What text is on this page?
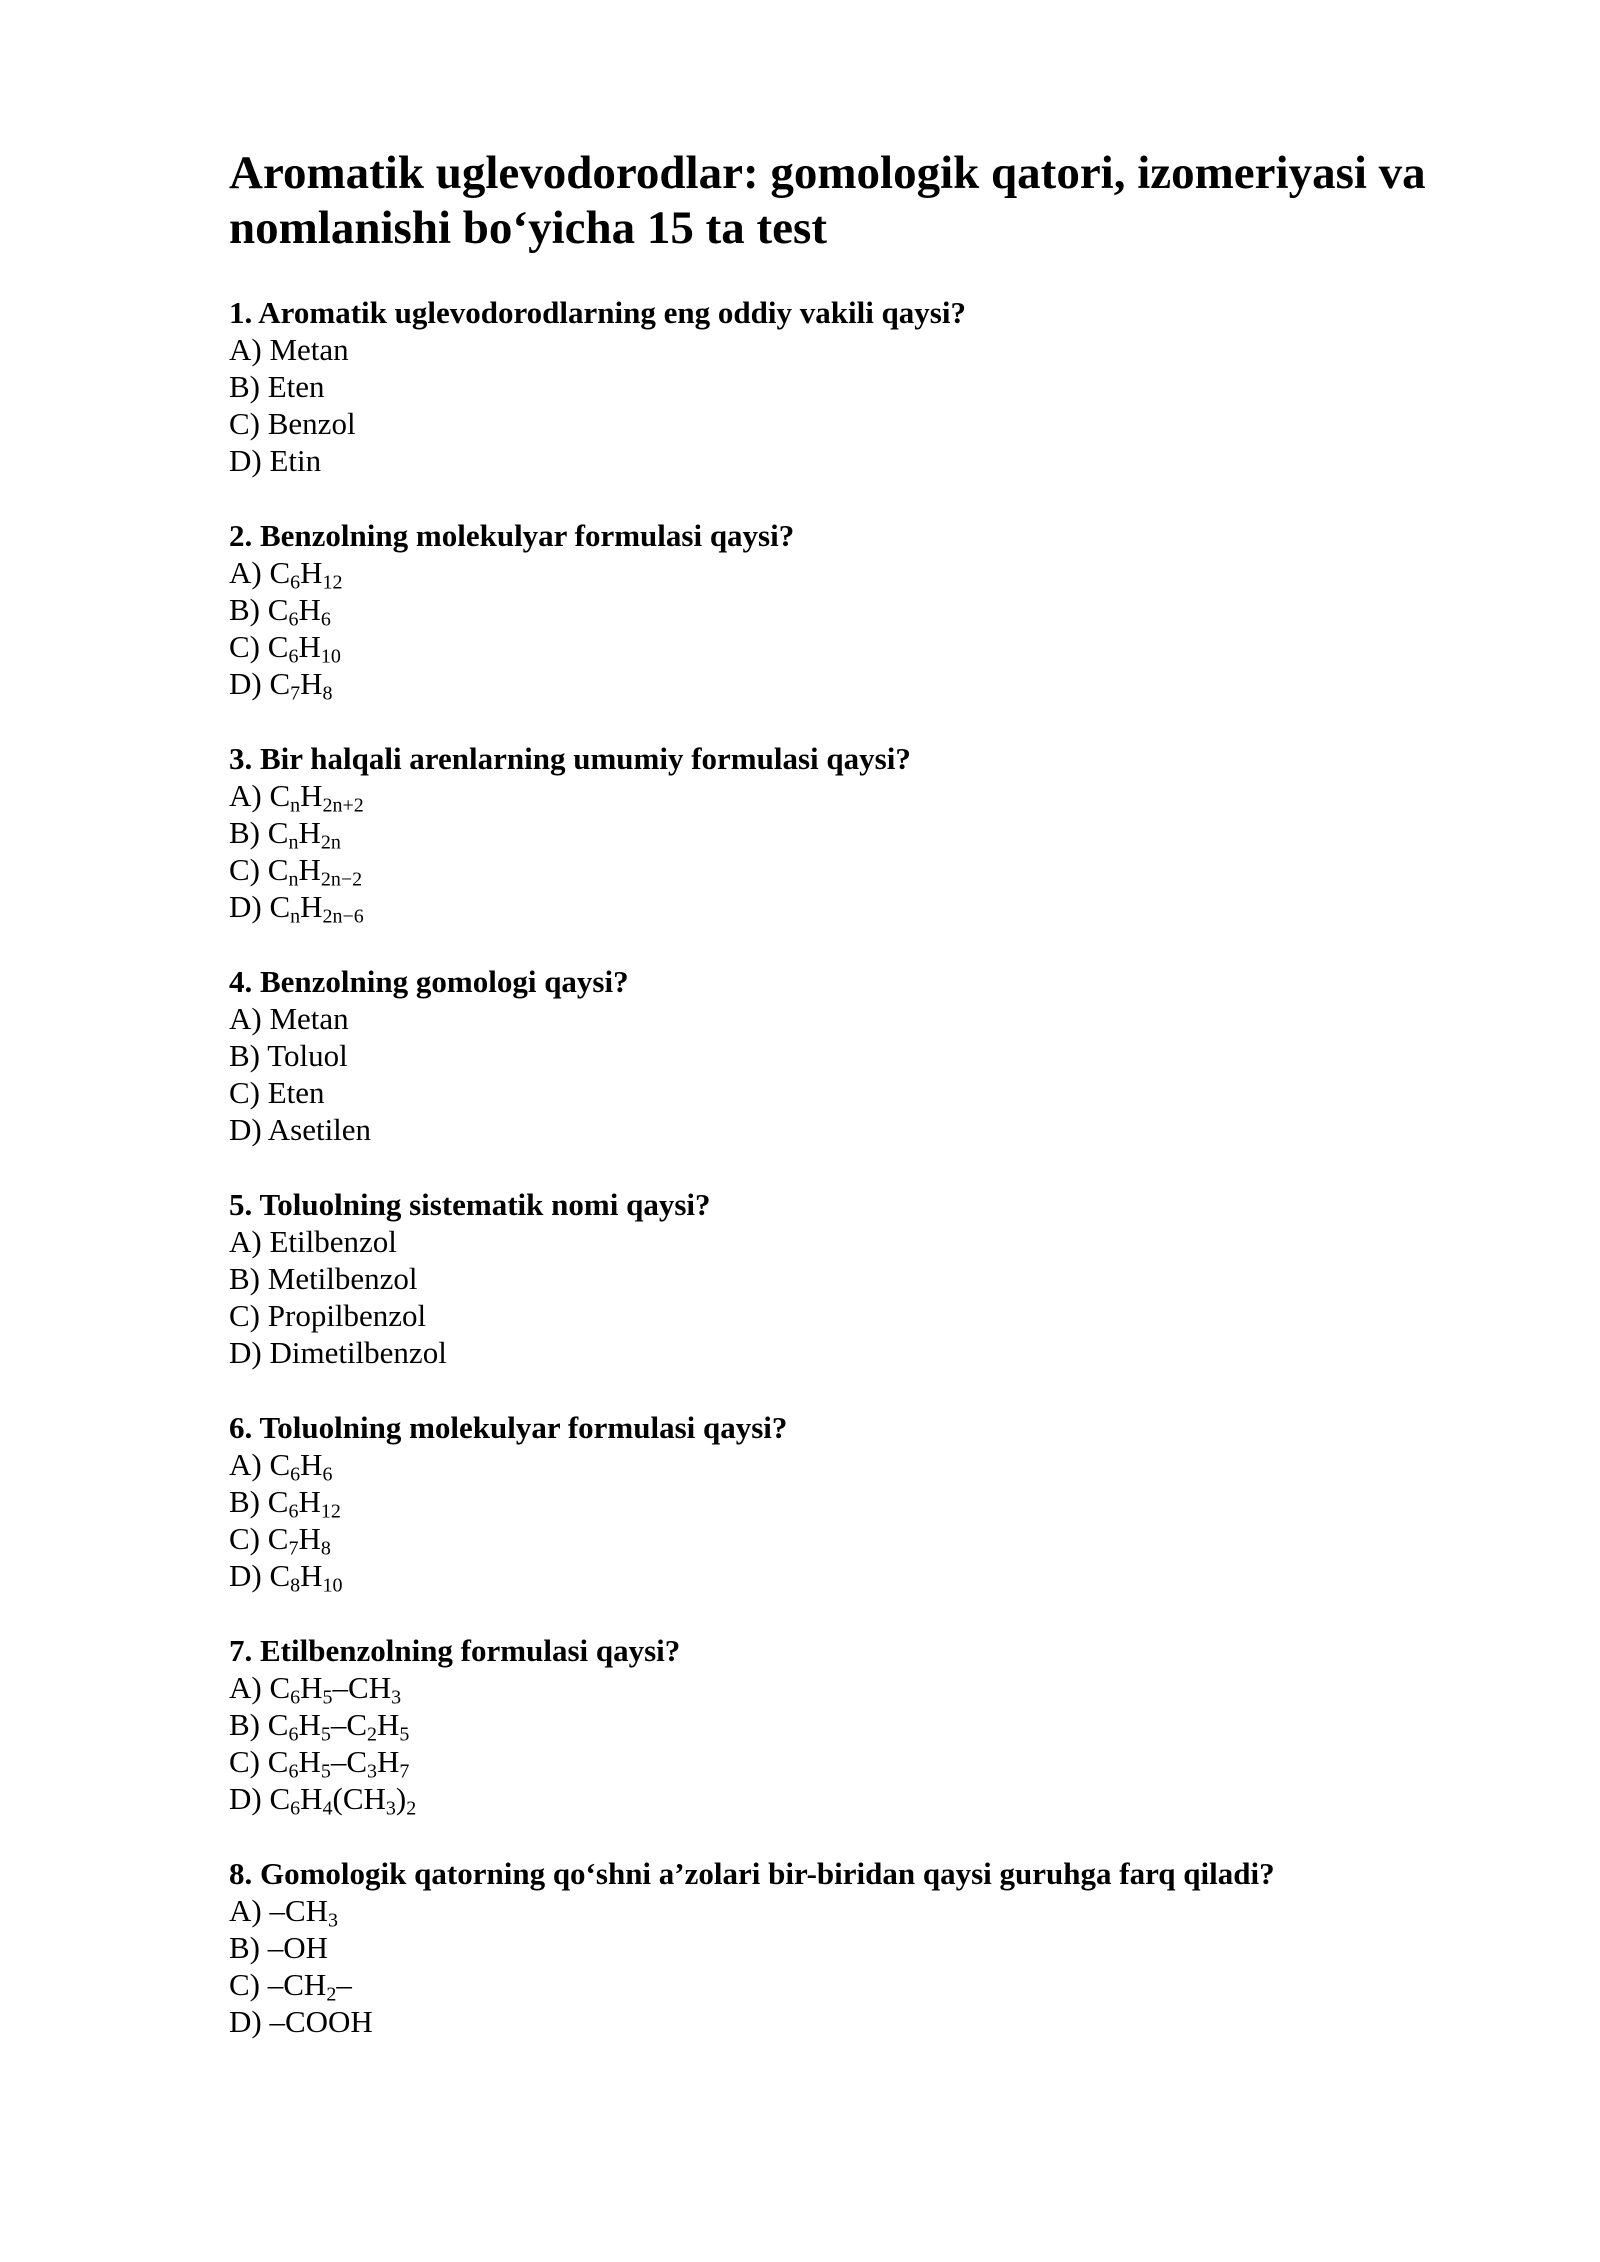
Aromatik uglevodorodlar: gomologik qatori, izomeriyasi va nomlanishi bo‘yicha 15 ta test
1. Aromatik uglevodorodlarning eng oddiy vakili qaysi?
A) Metan
B) Eten
C) Benzol
D) Etin
2. Benzolning molekulyar formulasi qaysi?
A) $C_6H_{12}$
B) $C_6H_6$
C) $C_6H_{10}$
D) $C_7H_8$
3. Bir halqali arenlarning umumiy formulasi qaysi?
A) $C_nH_{2n+2}$
B) $C_nH_{2n}$
C) $C_nH_{2n-2}$
D) $C_nH_{2n-6}$
4. Benzolning gomologi qaysi?
A) Metan
B) Toluol
C) Eten
D) Asetilen
5. Toluolning sistematik nomi qaysi?
A) Etilbenzol
B) Metilbenzol
C) Propilbenzol
D) Dimetilbenzol
6. Toluolning molekulyar formulasi qaysi?
A) $C_6H_6$
B) $C_6H_{12}$
C) $C_7H_8$
D) $C_8H_{10}$
7. Etilbenzolning formulasi qaysi?
A) $C_6H_5-CH_3$
B) $C_6H_5-C_2H_5$
C) $C_6H_5-C_3H_7$
D) $C_6H_4(CH_3)_2$
8. Gomologik qatorning qo‘shni a’zolari bir-biridan qaysi guruhga farq qiladi?
A) $-CH_3$
B) –OH
C) $-CH_2-$
D) –COOH
